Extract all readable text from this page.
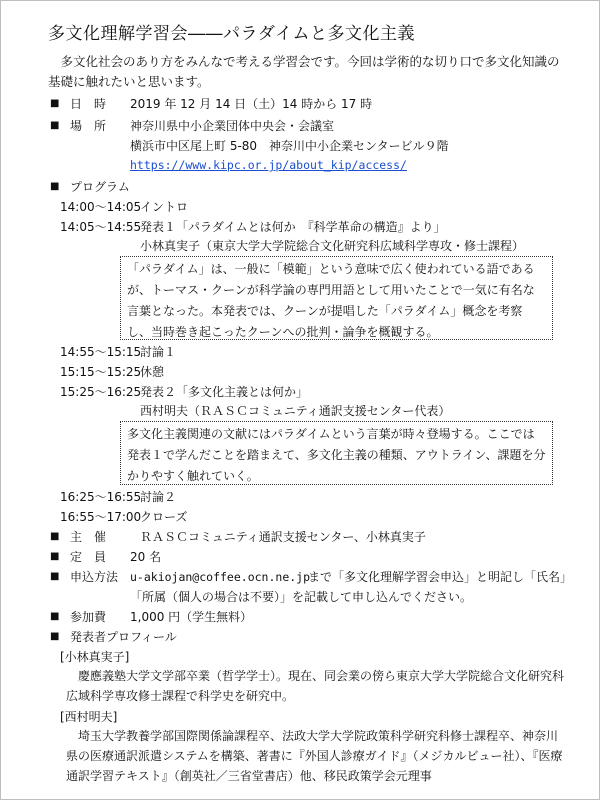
多文化理解学習会――パラダイムと多文化主義
　多文化社会のあり方をみんなで考える学習会です。今回は学術的な切り口で多文化知識の基礎に触れたいと思います。
■ 日　時 2019 年 12 月 14 日（土）14 時から 17 時
■ 場　所 神奈川県中小企業団体中央会・会議室
横浜市中区尾上町 5-80　神奈川中小企業センタービル９階
https://www.kipc.or.jp/about_kip/access/
■ プログラム
14:00～14:05
イントロ
14:05～14:55
発表１「パラダイムとは何か　『科学革命の構造』より」
小林真実子（東京大学大学院総合文化研究科広域科学専攻・修士課程）
「パラダイム」は、一般に「模範」という意味で広く使われている語であるが、トーマス・クーンが科学論の専門用語として用いたことで一気に有名な言葉となった。本発表では、クーンが提唱した「パラダイム」概念を考察し、当時巻き起こったクーンへの批判・論争を概観する。
14:55～15:15
討論１
15:15～15:25
休憩
15:25～16:25
発表２「多文化主義とは何か」
西村明夫（ＲＡＳＣコミュニティ通訳支援センター代表）
多文化主義関連の文献にはパラダイムという言葉が時々登場する。ここでは発表１で学んだことを踏まえて、多文化主義の種類、アウトライン、課題を分かりやすく触れていく。
16:25～16:55
討論２
16:55～17:00
クローズ
■ 主　催	ＲＡＳＣコミュニティ通訳支援センター、小林真実子
■ 定　員 20 名
■ 申込方法 u-akiojan@coffee.ocn.ne.jp
まで「多文化理解学習会申込」と明記し「氏名」
「所属（個人の場合は不要）」を記載して申し込んでください。
■ 参加費 1,000 円（学生無料）
■ 発表者プロフィール
[小林真実子]
　慶應義塾大学文学部卒業（哲学学士）。現在、同会業の傍ら東京大学大学院総合文化研究科広域科学専攻修士課程で科学史を研究中。
[西村明夫]
　埼玉大学教養学部国際関係論課程卒、法政大学大学院政策科学研究科修士課程卒、神奈川県の医療通訳派遣システムを構築、著書に『外国人診療ガイド』（メジカルビュー社）、『医療通訳学習テキスト』（創英社／三省堂書店）他、移民政策学会元理事
